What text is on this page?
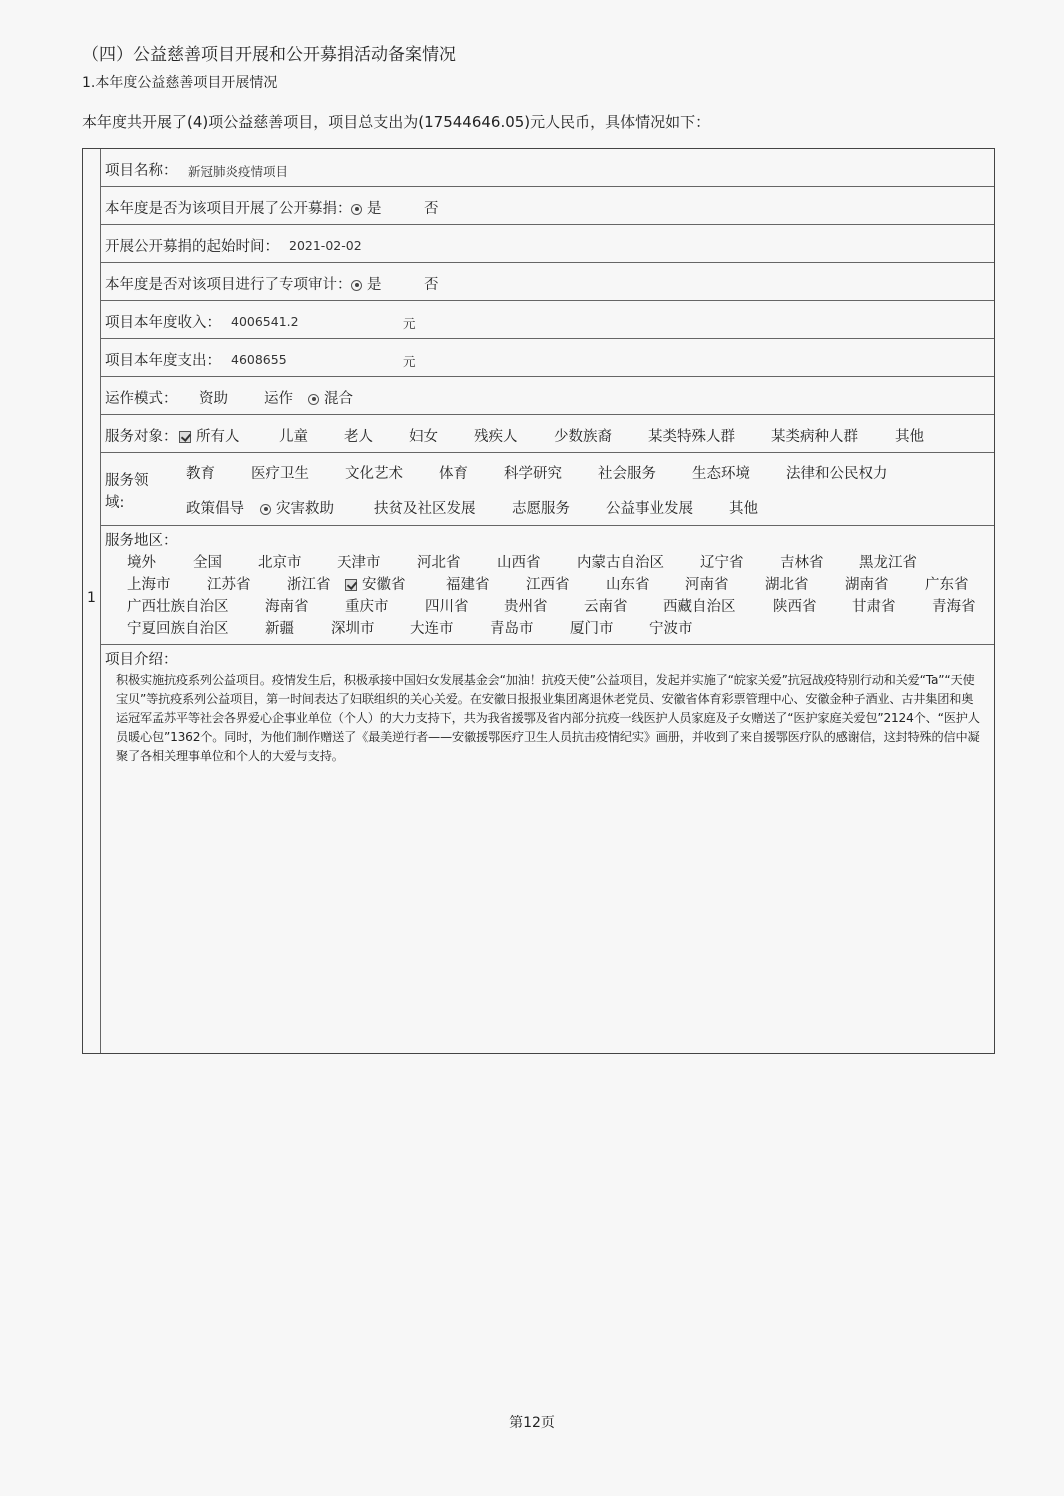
（四）公益慈善项目开展和公开募捐活动备案情况
1.本年度公益慈善项目开展情况
本年度共开展了(4)项公益慈善项目，项目总支出为(17544646.05)元人民币，具体情况如下：
1
项目名称： 新冠肺炎疫情项目
本年度是否为该项目开展了公开募捐：	是	否
开展公开募捐的起始时间： 2021-02-02
本年度是否对该项目进行了专项审计：	是	否
项目本年度收入： 4006541.2	元
项目本年度支出： 4608655	元
运作模式： 资助 运作	混合
服务对象：	所有人	儿童 老人 妇女 残疾人	少数族裔 某类特殊人群 某类病种人群	其他
服务领
域:
教育 医疗卫生 文化艺术 体育 科学研究 社会服务 生态环境 法律和公民权力
政策倡导	灾害救助	扶贫及社区发展	志愿服务 公益事业发展 其他
服务地区：
境外	全国 北京市 天津市	河北省	山西省	内蒙古自治区 辽宁省	吉林省 黑龙江省
上海市	江苏省	浙江省	安徽省	福建省	江西省	山东省 河南省	湖北省	湖南省	广东省
广西壮族自治区	海南省	重庆市	四川省 贵州省	云南省 西藏自治区	陕西省 甘肃省	青海省
宁夏回族自治区	新疆	深圳市 大连市	青岛市	厦门市 宁波市
项目介绍：
积极实施抗疫系列公益项目。疫情发生后，积极承接中国妇女发展基金会“加油！抗疫天使”公益项目，发起并实施了“皖家关爱”抗冠战疫特别行动和关爱“Ta”“天使宝贝”等抗疫系列公益项目，第一时间表达了妇联组织的关心关爱。在安徽日报报业集团离退休老党员、安徽省体育彩票管理中心、安徽金种子酒业、古井集团和奥运冠军孟苏平等社会各界爱心企事业单位（个人）的大力支持下，共为我省援鄂及省内部分抗疫一线医护人员家庭及子女赠送了“医护家庭关爱包”2124个、“医护人员暖心包”1362个。同时，为他们制作赠送了《最美逆行者——安徽援鄂医疗卫生人员抗击疫情纪实》画册，并收到了来自援鄂医疗队的感谢信，这封特殊的信中凝聚了各相关理事单位和个人的大爱与支持。
第12页
